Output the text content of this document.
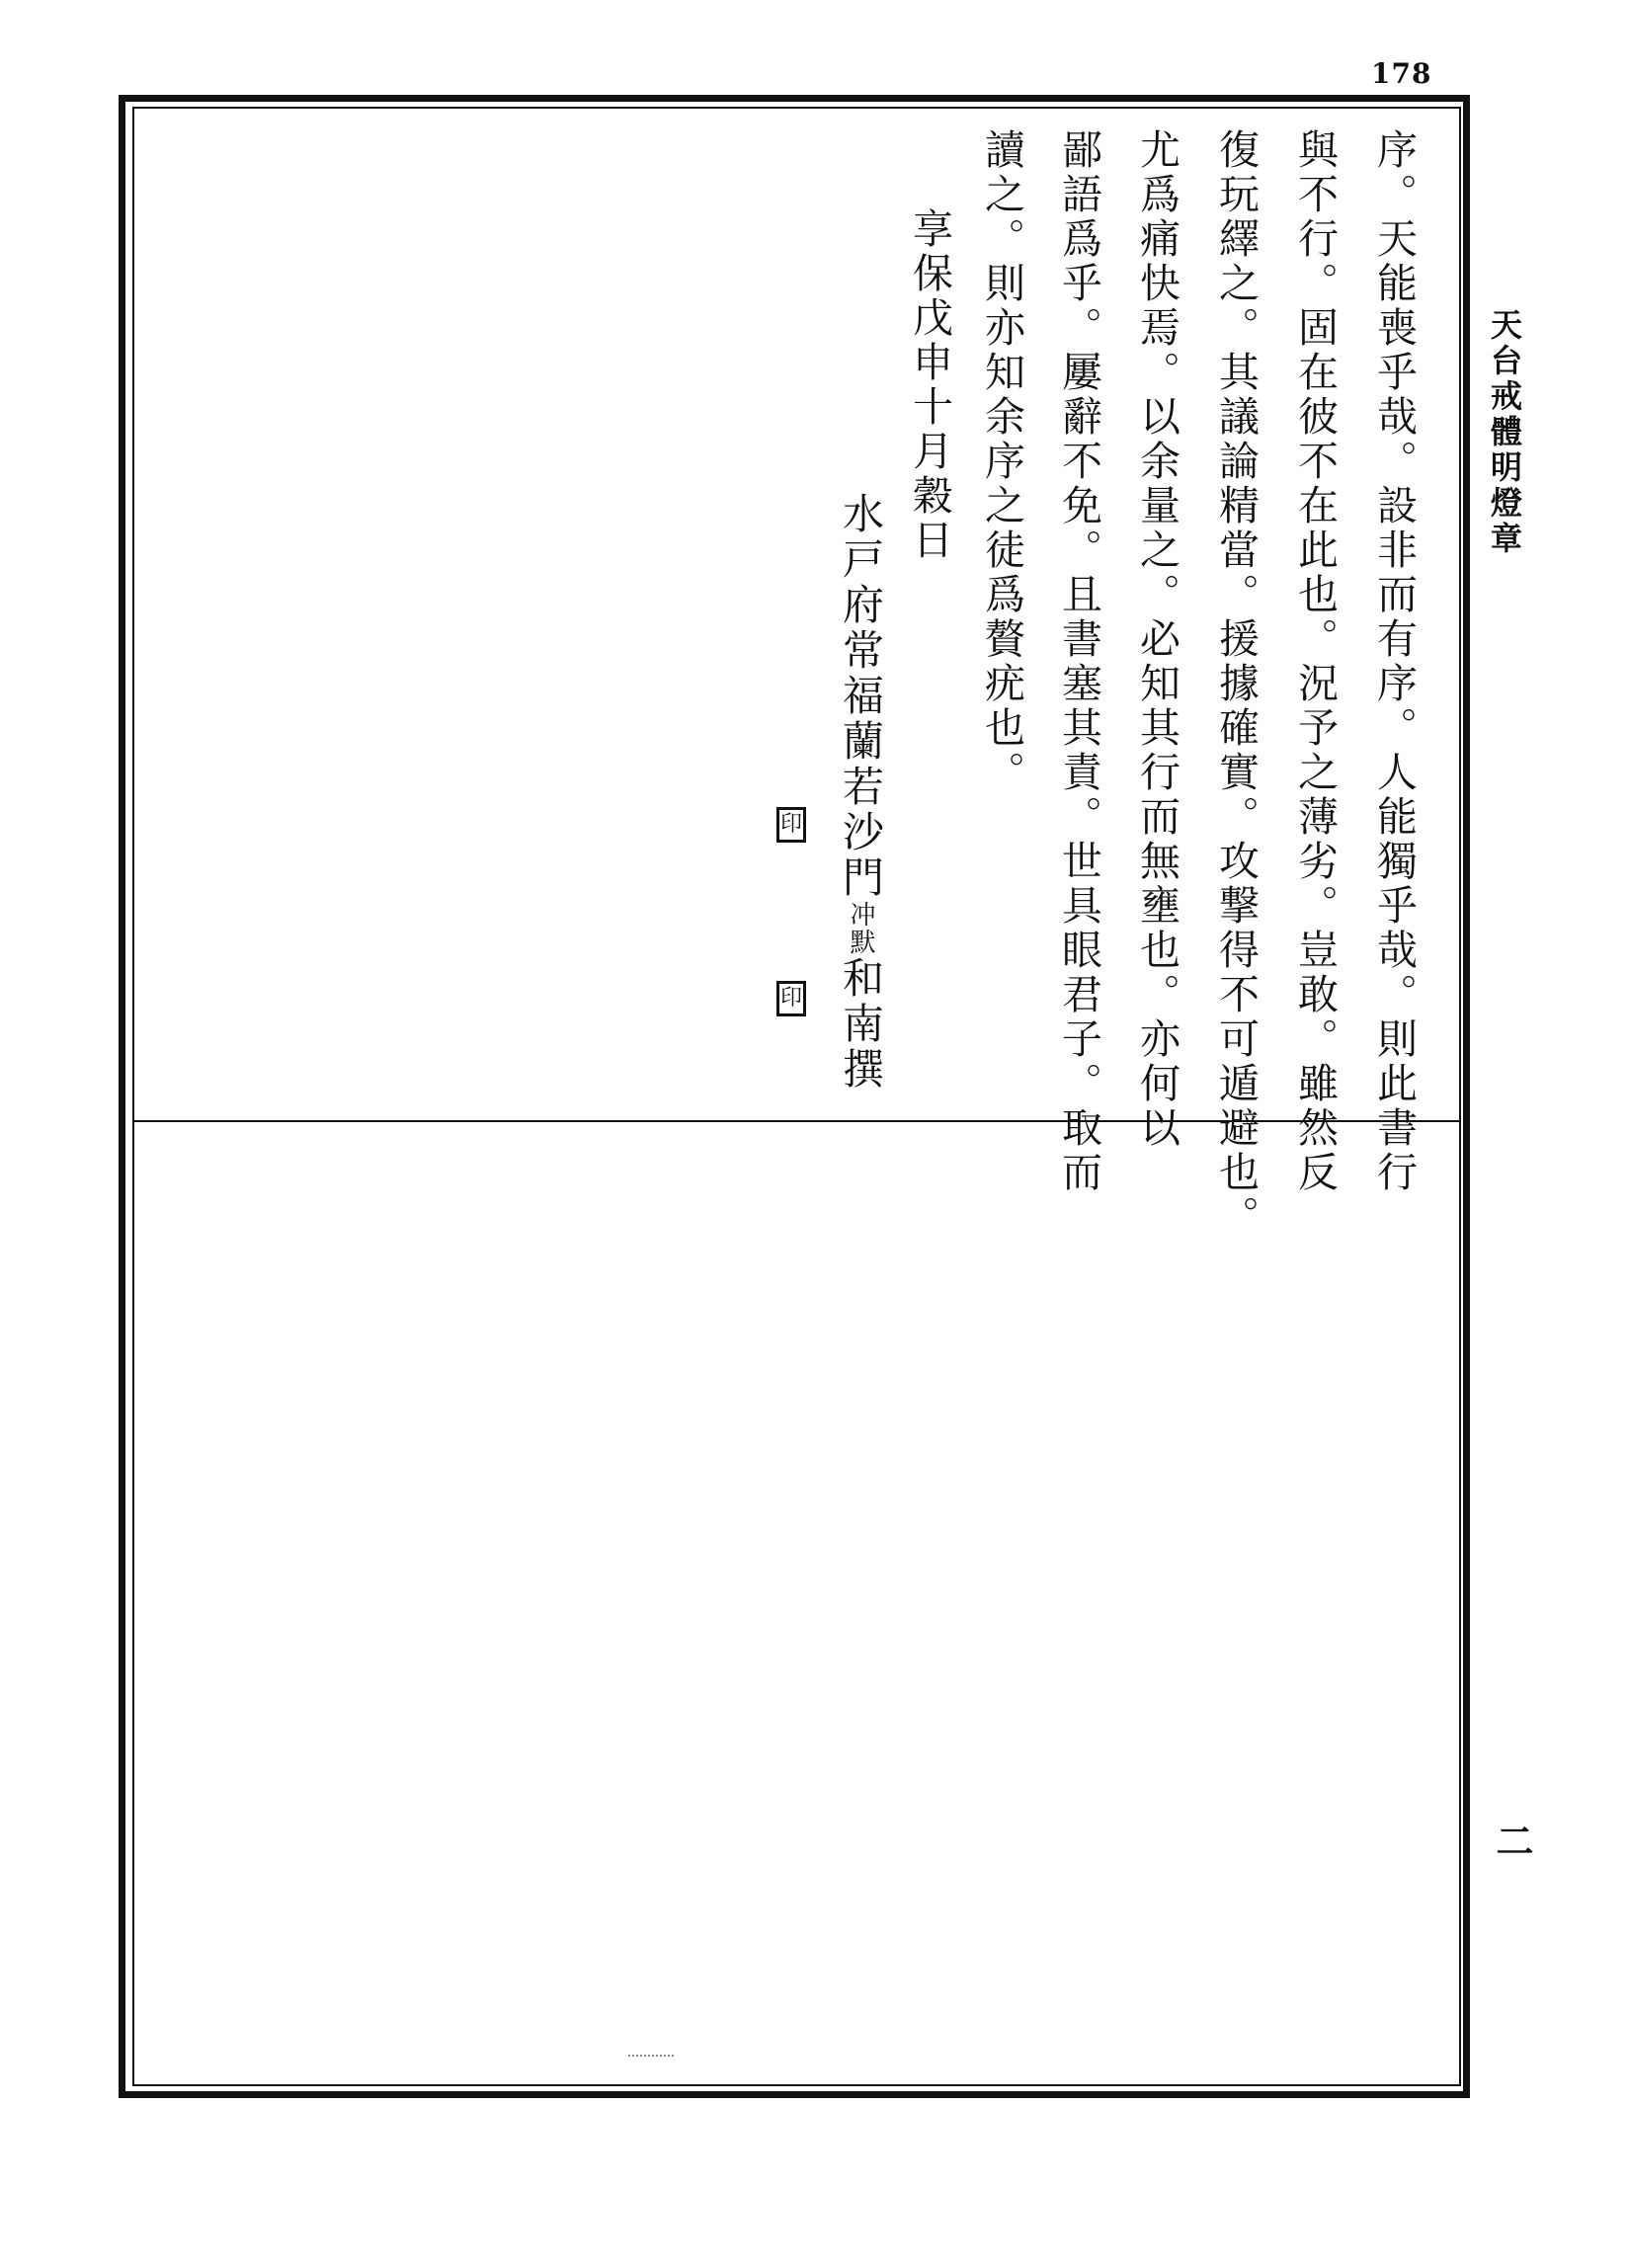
178
天台戒體明燈章
二
序。天能喪乎哉。設非而有序。人能獨乎哉。則此書行
與不行。固在彼不在此也。況予之薄劣。豈敢。雖然反
復玩繹之。其議論精當。援據確實。攻撃得不可遁避也。
尤爲痛快焉。以余量之。必知其行而無壅也。亦何以
鄙語爲乎。屢辭不免。且書塞其責。世具眼君子。取而
讀之。則亦知余序之徒爲贅疣也。
享保戊申十月穀日
水戸府常福蘭若沙門冲默和南撰
印
印
